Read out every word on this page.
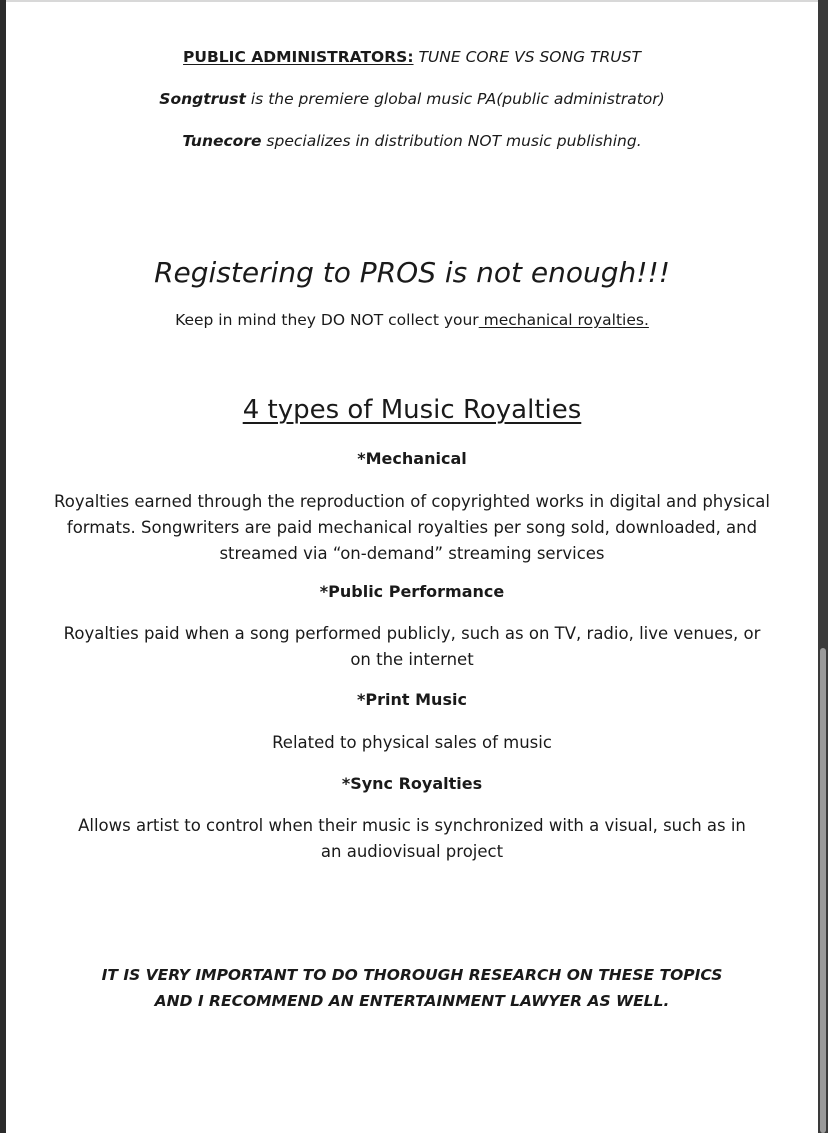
PUBLIC ADMINISTRATORS: TUNE CORE VS SONG TRUST
Songtrust is the premiere global music PA(public administrator)
Tunecore specializes in distribution NOT music publishing.
Registering to PROS is not enough!!!
Keep in mind they DO NOT collect your mechanical royalties.
4 types of Music Royalties
*Mechanical
Royalties earned through the reproduction of copyrighted works in digital and physical formats. Songwriters are paid mechanical royalties per song sold, downloaded, and streamed via “on-demand” streaming services
*Public Performance
Royalties paid when a song performed publicly, such as on TV, radio, live venues, or on the internet
*Print Music
Related to physical sales of music
*Sync Royalties
Allows artist to control when their music is synchronized with a visual, such as in an audiovisual project
IT IS VERY IMPORTANT TO DO THOROUGH RESEARCH ON THESE TOPICS AND I RECOMMEND AN ENTERTAINMENT LAWYER AS WELL.
